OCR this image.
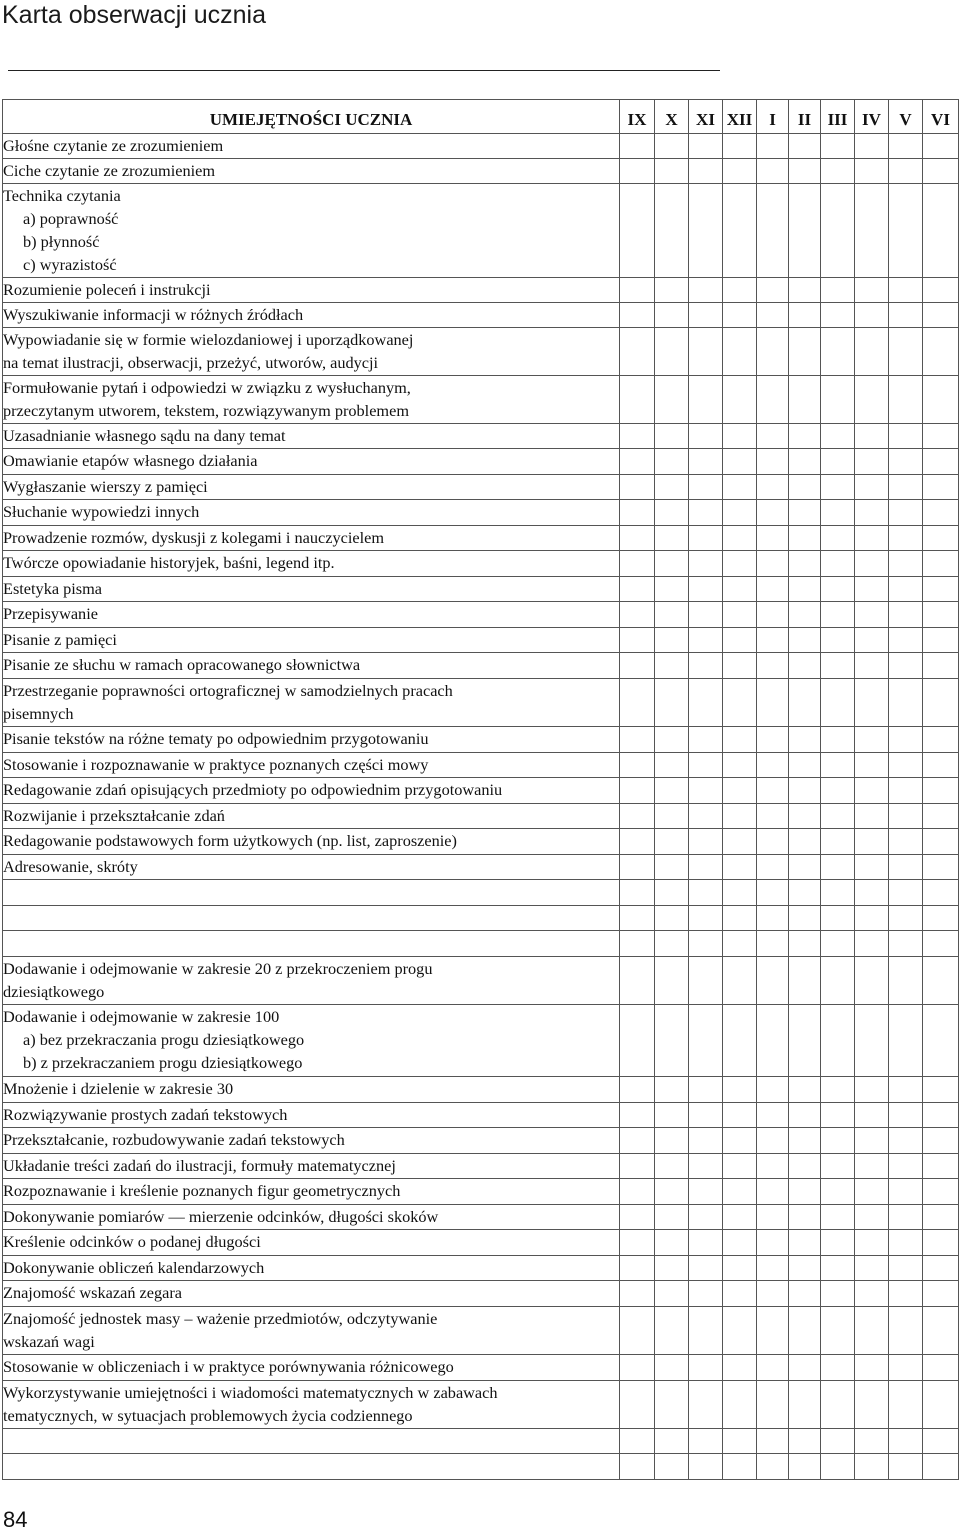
Karta obserwacji ucznia
UMIEJĘTNOŚCI UCZNIA	IX	X	XI	XII	I	II	III	IV	V	VI

Głośne czytanie ze zrozumieniem										

Ciche czytanie ze zrozumieniem										

Technika czytania
a) poprawność
b) płynność
c) wyrazistość										

Rozumienie poleceń i instrukcji										

Wyszukiwanie informacji w różnych źródłach										

Wypowiadanie się w formie wielozdaniowej i uporządkowanej
na temat ilustracji, obserwacji, przeżyć, utworów, audycji										

Formułowanie pytań i odpowiedzi w związku z wysłuchanym,
przeczytanym utworem, tekstem, rozwiązywanym problemem										

Uzasadnianie własnego sądu na dany temat										

Omawianie etapów własnego działania										

Wygłaszanie wierszy z pamięci										

Słuchanie wypowiedzi innych										

Prowadzenie rozmów, dyskusji z kolegami i nauczycielem										

Twórcze opowiadanie historyjek, baśni, legend itp.										

Estetyka pisma										

Przepisywanie										

Pisanie z pamięci										

Pisanie ze słuchu w ramach opracowanego słownictwa										

Przestrzeganie poprawności ortograficznej w samodzielnych pracach
pisemnych										

Pisanie tekstów na różne tematy po odpowiednim przygotowaniu										

Stosowanie i rozpoznawanie w praktyce poznanych części mowy										

Redagowanie zdań opisujących przedmioty po odpowiednim przygotowaniu										

Rozwijanie i przekształcanie zdań										

Redagowanie podstawowych form użytkowych (np. list, zaproszenie)										

Adresowanie, skróty										

Dodawanie i odejmowanie w zakresie 20 z przekroczeniem progu
dziesiątkowego										

Dodawanie i odejmowanie w zakresie 100
a) bez przekraczania progu dziesiątkowego
b) z przekraczaniem progu dziesiątkowego										

Mnożenie i dzielenie w zakresie 30										

Rozwiązywanie prostych zadań tekstowych										

Przekształcanie, rozbudowywanie zadań tekstowych										

Układanie treści zadań do ilustracji, formuły matematycznej										

Rozpoznawanie i kreślenie poznanych figur geometrycznych										

Dokonywanie pomiarów — mierzenie odcinków, długości skoków										

Kreślenie odcinków o podanej długości										

Dokonywanie obliczeń kalendarzowych										

Znajomość wskazań zegara										

Znajomość jednostek masy – ważenie przedmiotów, odczytywanie
wskazań wagi										

Stosowanie w obliczeniach i w praktyce porównywania różnicowego										

Wykorzystywanie umiejętności i wiadomości matematycznych w zabawach
tematycznych, w sytuacjach problemowych życia codziennego										

84
